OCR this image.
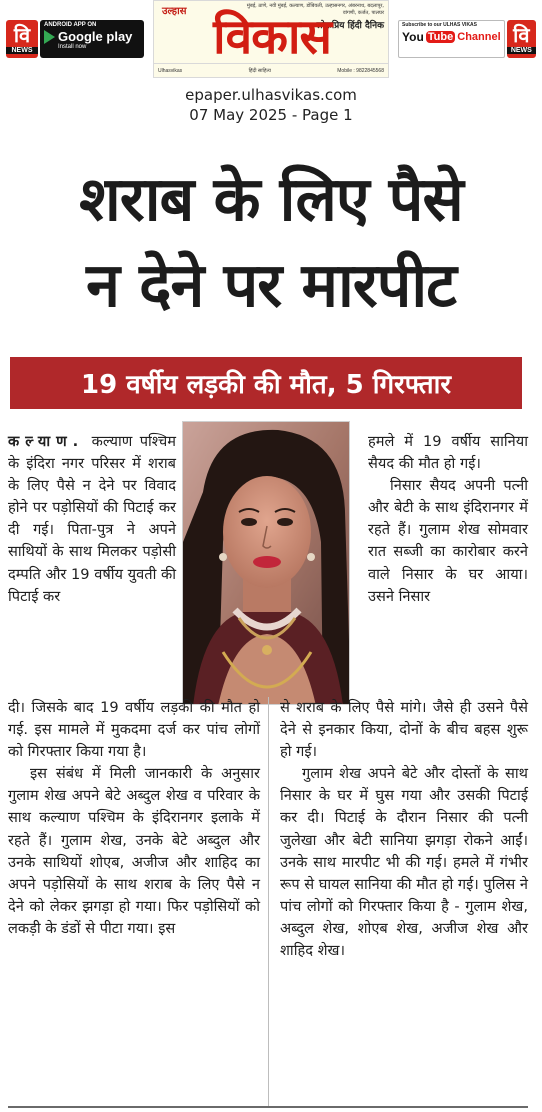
वि
NEWS
ANDROID APP ON
Google play
Install now
उल्हास	मुंबई, ठाणे, नवी मुंबई, कल्याण, डोंबिवली, उल्हासनगर, अंबरनाथ, बदलापूर, वांगणी, कर्जत, पालघर
लोकप्रिय हिंदी दैनिक
विकास
Ulhasvikas	हिंदी साहित्य	Mobile : 9822845568
Subscribe to our ULHAS VIKAS
You Tube Channel वि
NEWS
epaper.ulhasvikas.com
07 May 2025 - Page 1
शराब के लिए पैसे
न देने पर मारपीट
19 वर्षीय लड़की की मौत, 5 गिरफ्तार

कल्याण. कल्याण पश्चिम के इंदिरा नगर परिसर में शराब के लिए पैसे न देने पर विवाद होने पर पड़ोसियों की पिटाई कर दी गई। पिता-पुत्र ने अपने साथियों के साथ मिलकर पड़ोसी दम्पति और 19 वर्षीय युवती की पिटाई कर

हमले में 19 वर्षीय सानिया सैयद की मौत हो गई।

निसार सैयद अपनी पत्नी और बेटी के साथ इंदिरानगर में रहते हैं। गुलाम शेख सोमवार रात सब्जी का कारोबार करने वाले निसार के घर आया। उसने निसार

दी। जिसके बाद 19 वर्षीय लड़की की मौत हो गई. इस मामले में मुकदमा दर्ज कर पांच लोगों को गिरफ्तार किया गया है।

इस संबंध में मिली जानकारी के अनुसार गुलाम शेख अपने बेटे अब्दुल शेख व परिवार के साथ कल्याण पश्चिम के इंदिरानगर इलाके में रहते हैं। गुलाम शेख, उनके बेटे अब्दुल और उनके साथियों शोएब, अजीज और शाहिद का अपने पड़ोसियों के साथ शराब के लिए पैसे न देने को लेकर झगड़ा हो गया। फिर पड़ोसियों को लकड़ी के डंडों से पीटा गया। इस

से शराब के लिए पैसे मांगे। जैसे ही उसने पैसे देने से इनकार किया, दोनों के बीच बहस शुरू हो गई।

गुलाम शेख अपने बेटे और दोस्तों के साथ निसार के घर में घुस गया और उसकी पिटाई कर दी। पिटाई के दौरान निसार की पत्नी जुलेखा और बेटी सानिया झगड़ा रोकने आईं। उनके साथ मारपीट भी की गई। हमले में गंभीर रूप से घायल सानिया की मौत हो गई। पुलिस ने पांच लोगों को गिरफ्तार किया है - गुलाम शेख, अब्दुल शेख, शोएब शेख, अजीज शेख और शाहिद शेख।
